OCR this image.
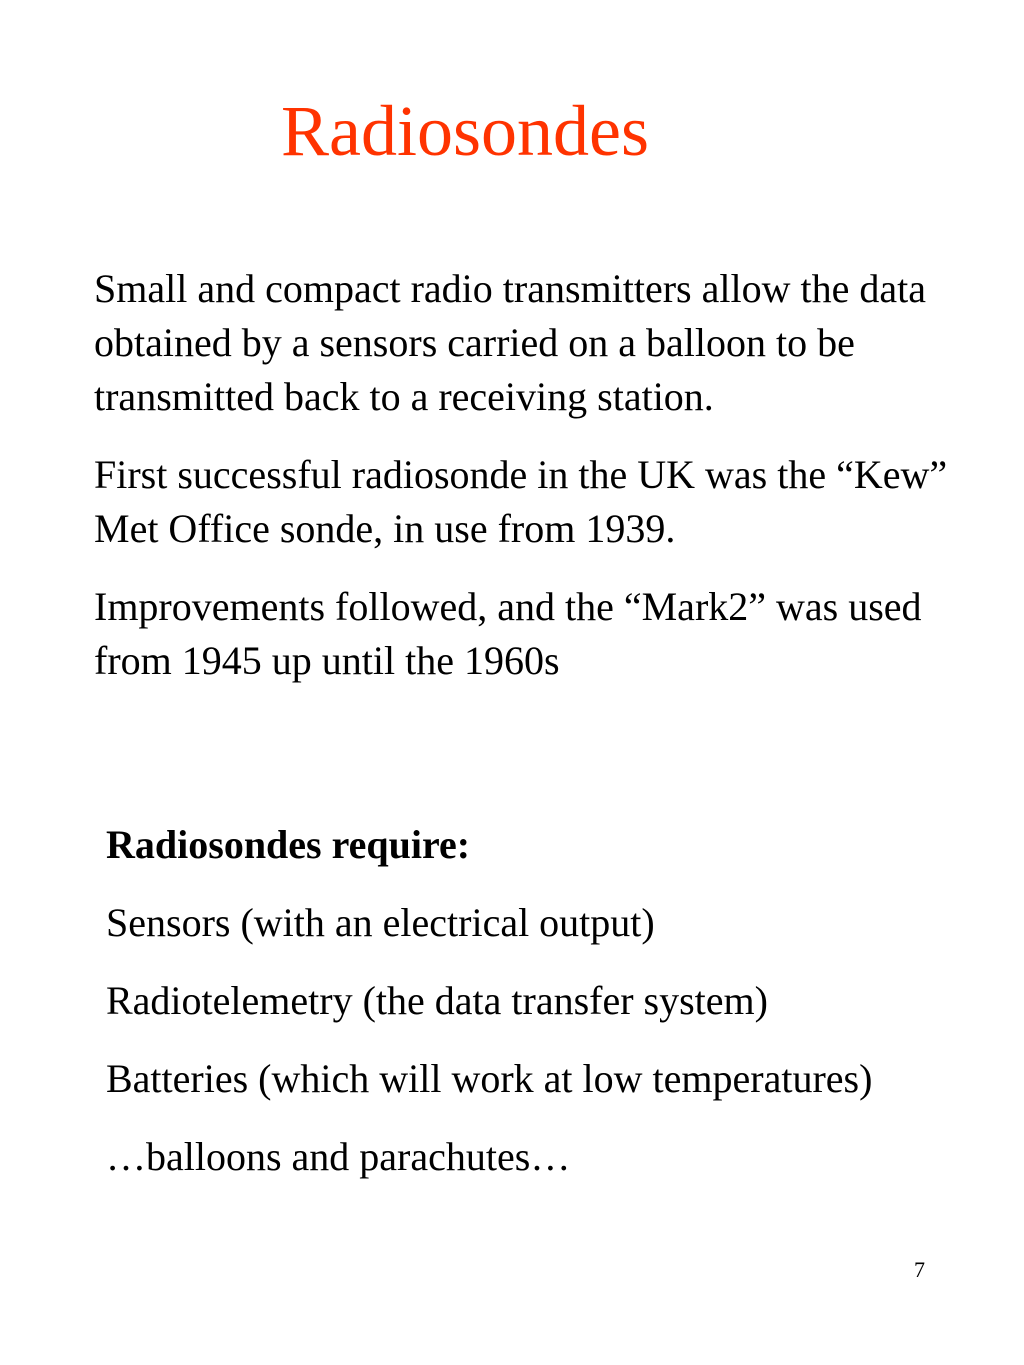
Radiosondes

Small and compact radio transmitters allow the data obtained by a sensors carried on a balloon to be transmitted back to a receiving station.

First successful radiosonde in the UK was the “Kew” Met Office sonde, in use from 1939.

Improvements followed, and the “Mark2” was used from 1945 up until the 1960s

Radiosondes require:

Sensors (with an electrical output)

Radiotelemetry (the data transfer system)

Batteries (which will work at low temperatures)

…balloons and parachutes…

7
